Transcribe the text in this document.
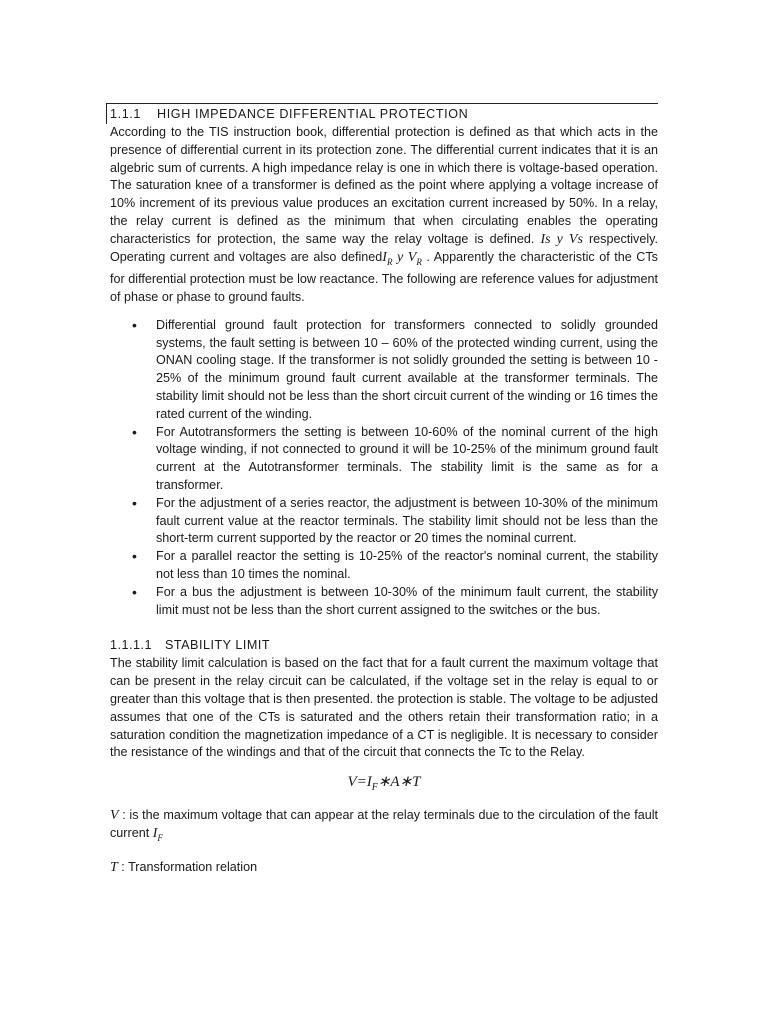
1.1.1 HIGH IMPEDANCE DIFFERENTIAL PROTECTION

According to the TIS instruction book, differential protection is defined as that which acts in the presence of differential current in its protection zone. The differential current indicates that it is an algebric sum of currents. A high impedance relay is one in which there is voltage-based operation. The saturation knee of a transformer is defined as the point where applying a voltage increase of 10% increment of its previous value produces an excitation current increased by 50%. In a relay, the relay current is defined as the minimum that when circulating enables the operating characteristics for protection, the same way the relay voltage is defined. Is y Vs respectively. Operating current and voltages are also definedI$_R$ y $V_R$ . Apparently the characteristic of the CTs for differential protection must be low reactance. The following are reference values for adjustment of phase or phase to ground faults.

• Differential ground fault protection for transformers connected to solidly grounded systems, the fault setting is between 10 – 60% of the protected winding current, using the ONAN cooling stage. If the transformer is not solidly grounded the setting is between 10 - 25% of the minimum ground fault current available at the transformer terminals. The stability limit should not be less than the short circuit current of the winding or 16 times the rated current of the winding.
• For Autotransformers the setting is between 10-60% of the nominal current of the high voltage winding, if not connected to ground it will be 10-25% of the minimum ground fault current at the Autotransformer terminals. The stability limit is the same as for a transformer.
• For the adjustment of a series reactor, the adjustment is between 10-30% of the minimum fault current value at the reactor terminals. The stability limit should not be less than the short-term current supported by the reactor or 20 times the nominal current.
• For a parallel reactor the setting is 10-25% of the reactor's nominal current, the stability not less than 10 times the nominal.
• For a bus the adjustment is between 10-30% of the minimum fault current, the stability limit must not be less than the short current assigned to the switches or the bus.
1.1.1.1 STABILITY LIMIT

The stability limit calculation is based on the fact that for a fault current the maximum voltage that can be present in the relay circuit can be calculated, if the voltage set in the relay is equal to or greater than this voltage that is then presented. the protection is stable. The voltage to be adjusted assumes that one of the CTs is saturated and the others retain their transformation ratio; in a saturation condition the magnetization impedance of a CT is negligible. It is necessary to consider the resistance of the windings and that of the circuit that connects the Tc to the Relay.

$V=I_F∗A∗T$

V : is the maximum voltage that can appear at the relay terminals due to the circulation of the fault current $I_F$

T : Transformation relation
